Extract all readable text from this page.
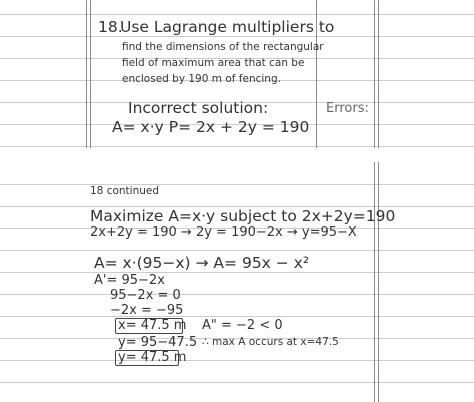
18.
Use Lagrange multipliers to
find the dimensions of the rectangular
field of maximum area that can be
enclosed by 190 m of fencing.
Incorrect solution:
A= x·y P= 2x + 2y = 190
Errors:
18 continued
Maximize A=x·y subject to 2x+2y=190
2x+2y = 190 → 2y = 190−2x → y=95−X
A= x·(95−x) → A= 95x − x²
A'= 95−2x
95−2x = 0
−2x = −95
x= 47.5 m A" = −2 < 0
y= 95−47.5 ∴ max A occurs at x=47.5
y= 47.5 m
